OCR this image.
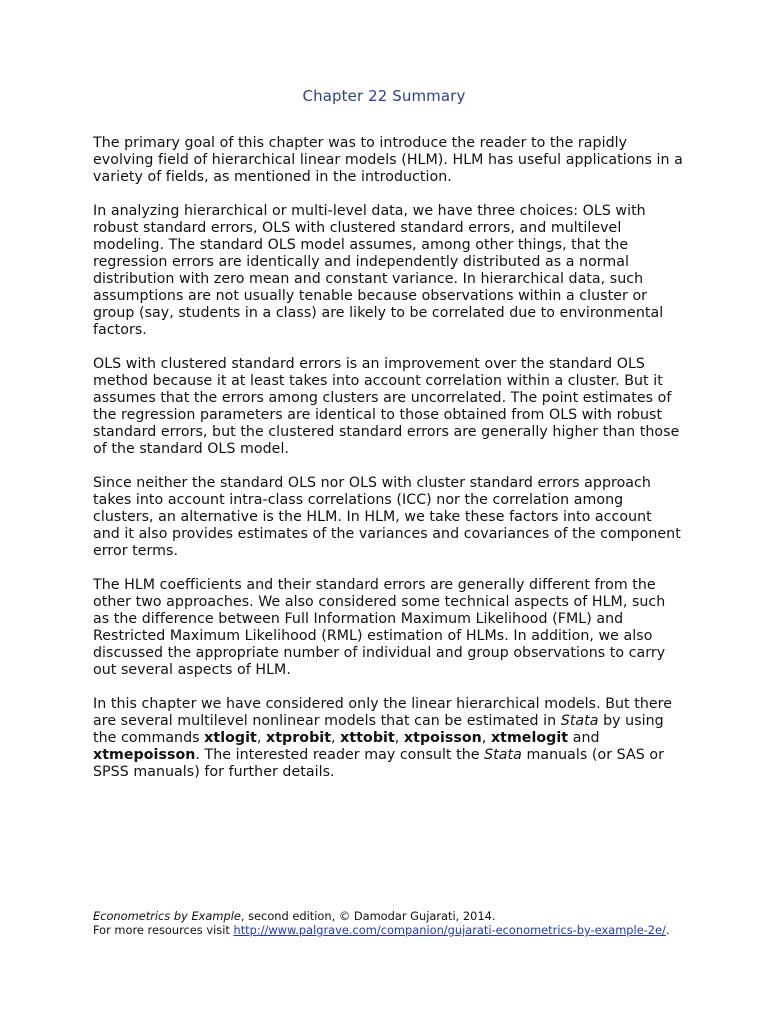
Chapter 22 Summary

The primary goal of this chapter was to introduce the reader to the rapidly evolving field of hierarchical linear models (HLM). HLM has useful applications in a variety of fields, as mentioned in the introduction.

In analyzing hierarchical or multi-level data, we have three choices: OLS with robust standard errors, OLS with clustered standard errors, and multilevel modeling. The standard OLS model assumes, among other things, that the regression errors are identically and independently distributed as a normal distribution with zero mean and constant variance. In hierarchical data, such assumptions are not usually tenable because observations within a cluster or group (say, students in a class) are likely to be correlated due to environmental factors.

OLS with clustered standard errors is an improvement over the standard OLS method because it at least takes into account correlation within a cluster. But it assumes that the errors among clusters are uncorrelated. The point estimates of the regression parameters are identical to those obtained from OLS with robust standard errors, but the clustered standard errors are generally higher than those of the standard OLS model.

Since neither the standard OLS nor OLS with cluster standard errors approach takes into account intra-class correlations (ICC) nor the correlation among clusters, an alternative is the HLM. In HLM, we take these factors into account and it also provides estimates of the variances and covariances of the component error terms.

The HLM coefficients and their standard errors are generally different from the other two approaches. We also considered some technical aspects of HLM, such as the difference between Full Information Maximum Likelihood (FML) and Restricted Maximum Likelihood (RML) estimation of HLMs. In addition, we also discussed the appropriate number of individual and group observations to carry out several aspects of HLM.

In this chapter we have considered only the linear hierarchical models. But there are several multilevel nonlinear models that can be estimated in Stata by using the commands xtlogit, xtprobit, xttobit, xtpoisson, xtmelogit and xtmepoisson. The interested reader may consult the Stata manuals (or SAS or SPSS manuals) for further details.

Econometrics by Example, second edition, © Damodar Gujarati, 2014.
For more resources visit http://www.palgrave.com/companion/gujarati-econometrics-by-example-2e/.
